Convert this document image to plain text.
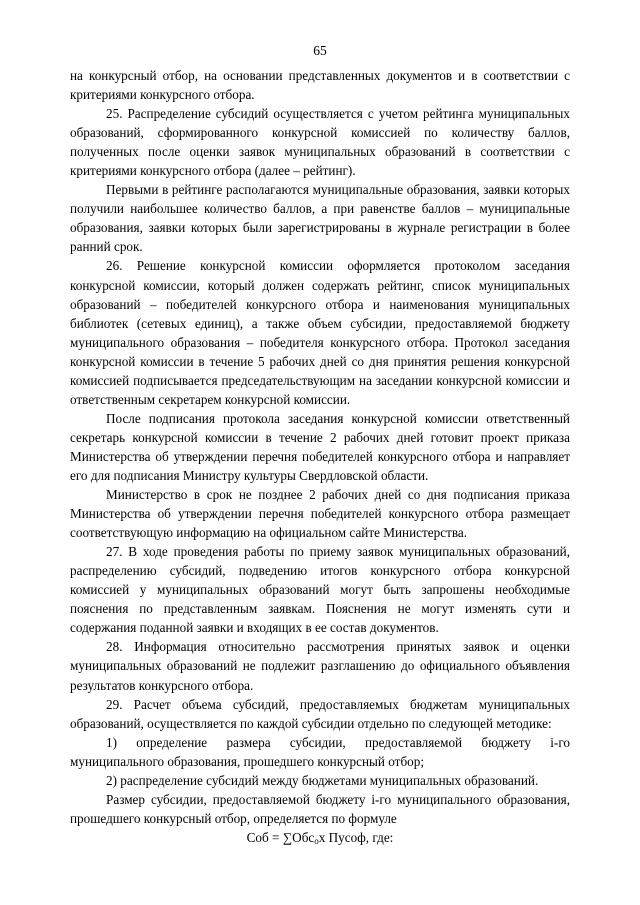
65

на конкурсный отбор, на основании представленных документов и в соответствии с критериями конкурсного отбора.

25. Распределение субсидий осуществляется с учетом рейтинга муниципальных образований, сформированного конкурсной комиссией по количеству баллов, полученных после оценки заявок муниципальных образований в соответствии с критериями конкурсного отбора (далее – рейтинг).

Первыми в рейтинге располагаются муниципальные образования, заявки которых получили наибольшее количество баллов, а при равенстве баллов – муниципальные образования, заявки которых были зарегистрированы в журнале регистрации в более ранний срок.

26. Решение конкурсной комиссии оформляется протоколом заседания конкурсной комиссии, который должен содержать рейтинг, список муниципальных образований – победителей конкурсного отбора и наименования муниципальных библиотек (сетевых единиц), а также объем субсидии, предоставляемой бюджету муниципального образования – победителя конкурсного отбора. Протокол заседания конкурсной комиссии в течение 5 рабочих дней со дня принятия решения конкурсной комиссией подписывается председательствующим на заседании конкурсной комиссии и ответственным секретарем конкурсной комиссии.

После подписания протокола заседания конкурсной комиссии ответственный секретарь конкурсной комиссии в течение 2 рабочих дней готовит проект приказа Министерства об утверждении перечня победителей конкурсного отбора и направляет его для подписания Министру культуры Свердловской области.

Министерство в срок не позднее 2 рабочих дней со дня подписания приказа Министерства об утверждении перечня победителей конкурсного отбора размещает соответствующую информацию на официальном сайте Министерства.

27. В ходе проведения работы по приему заявок муниципальных образований, распределению субсидий, подведению итогов конкурсного отбора конкурсной комиссией у муниципальных образований могут быть запрошены необходимые пояснения по представленным заявкам. Пояснения не могут изменять сути и содержания поданной заявки и входящих в ее состав документов.

28. Информация относительно рассмотрения принятых заявок и оценки муниципальных образований не подлежит разглашению до официального объявления результатов конкурсного отбора.

29. Расчет объема субсидий, предоставляемых бюджетам муниципальных образований, осуществляется по каждой субсидии отдельно по следующей методике:

1) определение размера субсидии, предоставляемой бюджету i-го муниципального образования, прошедшего конкурсный отбор;

2) распределение субсидий между бюджетами муниципальных образований.

Размер субсидии, предоставляемой бюджету i-го муниципального образования, прошедшего конкурсный отбор, определяется по формуле

Соб = ∑Обс$_о$х Пусоф, где:
